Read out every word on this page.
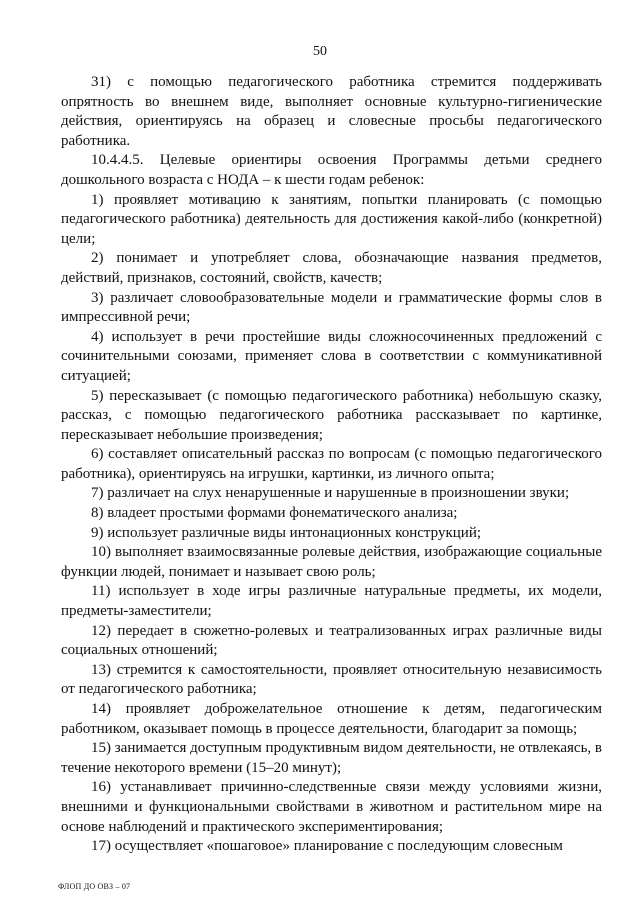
50

31) с помощью педагогического работника стремится поддерживать опрятность во внешнем виде, выполняет основные культурно-гигиенические действия, ориентируясь на образец и словесные просьбы педагогического работника.

10.4.4.5. Целевые ориентиры освоения Программы детьми среднего дошкольного возраста с НОДА – к шести годам ребенок:

1) проявляет мотивацию к занятиям, попытки планировать (с помощью педагогического работника) деятельность для достижения какой-либо (конкретной) цели;

2) понимает и употребляет слова, обозначающие названия предметов, действий, признаков, состояний, свойств, качеств;

3) различает словообразовательные модели и грамматические формы слов в импрессивной речи;

4) использует в речи простейшие виды сложносочиненных предложений с сочинительными союзами, применяет слова в соответствии с коммуникативной ситуацией;

5) пересказывает (с помощью педагогического работника) небольшую сказку, рассказ, с помощью педагогического работника рассказывает по картинке, пересказывает небольшие произведения;

6) составляет описательный рассказ по вопросам (с помощью педагогического работника), ориентируясь на игрушки, картинки, из личного опыта;

7) различает на слух ненарушенные и нарушенные в произношении звуки;

8) владеет простыми формами фонематического анализа;

9) использует различные виды интонационных конструкций;

10) выполняет взаимосвязанные ролевые действия, изображающие социальные функции людей, понимает и называет свою роль;

11) использует в ходе игры различные натуральные предметы, их модели, предметы-заместители;

12) передает в сюжетно-ролевых и театрализованных играх различные виды социальных отношений;

13) стремится к самостоятельности, проявляет относительную независимость от педагогического работника;

14) проявляет доброжелательное отношение к детям, педагогическим работником, оказывает помощь в процессе деятельности, благодарит за помощь;

15) занимается доступным продуктивным видом деятельности, не отвлекаясь, в течение некоторого времени (15–20 минут);

16) устанавливает причинно-следственные связи между условиями жизни, внешними и функциональными свойствами в животном и растительном мире на основе наблюдений и практического экспериментирования;

17) осуществляет «пошаговое» планирование с последующим словесным

ФЛОП ДО ОВЗ – 07
